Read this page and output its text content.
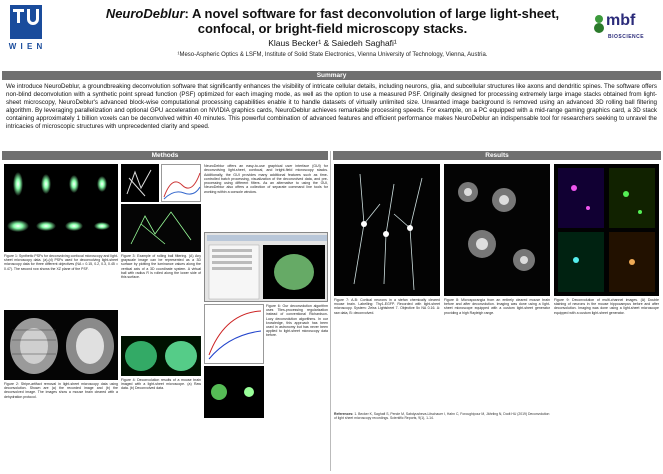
W I E N
NeuroDeblur: A novel software for fast deconvolution of large light-sheet,
confocal, or bright-field microscopy stacks.
Klaus Becker¹ & Saiedeh Saghafi¹
¹Meso-Aspheric Optics & LSFM, Institute of Solid State Electronics, Vienna University of Technology, Vienna, Austria.
mbf
BIOSCIENCE
Summary
We introduce NeuroDeblur, a groundbreaking deconvolution software that significantly enhances the visibility of intricate cellular details, including neurons, glia, and subcellular structures like axons and dendritic spines. The software offers non-blind deconvolution with a synthetic point spread function (PSF) optimized for each imaging mode, as well as the option to use a measured PSF. Originally designed for processing extremely large image stacks obtained from light-sheet microscopy, NeuroDeblur's advanced block-wise computational processing capabilities enable it to handle datasets of virtually unlimited size. Unwanted image background is removed using an advanced 3D rolling ball filtering algorithm. By leveraging parallelization and optional GPU acceleration on NVIDIA graphics cards, NeuroDeblur achieves remarkable processing speeds. For example, on a PC equipped with a mid-range gaming graphics card, a 3D stack containing approximately 1 billion voxels can be deconvolved within 40 minutes. This powerful combination of advanced features and efficient performance makes NeuroDeblur an indispensable tool for researchers seeking to unravel the intricacies of microscopic structures with unprecedented clarity and speed.
Methods	Results
Figure 1: Synthetic PSFs for deconvolving confocal microscopy and light-sheet microscopy data. (a)-(d) PSFs used for deconvolving light-sheet microscopy data for three different objectives (NA = 0.15, 0.2, 0.3, 0.45 = 0.47). The second row shows the XZ plane of the PSF.
Figure 2: Stripe-artifact removal in light-sheet microscopy data using deconvolution. Shown are (a) the recorded image and (b) the deconvolved image. The images show a mouse brain cleared with a dehydration protocol.
Figure 3: Example of rolling ball filtering. (A) Any grayscale image can be represented as a 3D surface by plotting the luminance values along the vertical axis of a 3D coordinate system. A virtual ball with radius R is rolled along the lower side of this surface.
Figure 4: Deconvolution results of a mouse brain imaged with a light-sheet microscope. (a) Raw data. (b) Deconvolved data.
NeuroDeblur offers an easy-to-use graphical user interface (GUI) for deconvolving light-sheet, confocal, and bright-field microscopy stacks. Additionally, the GUI provides many additional features such as time-controlled batch processing, visualization of the deconvolved data, and pre-processing using different filters. As an alternative to using the GUI, NeuroDeblur also offers a collection of separate command line tools for working within a console window.
Figure 6: Our deconvolution algorithm uses Tiles-processing regularization instead of conventional Richardson-Lucy deconvolution algorithms. In our knowledge, this approach has been used in astronomy but has never been applied to light-sheet microscopy data before.
Figure 7: A-B: Cortical neurons in a stefan chemically cleared mouse brain. Labelling: Thy1-EGFP. Recorded with light-sheet microscopy. System: Zeiss Lightsheet 7. Objective 5x NA 0.16. A: raw data, B: deconvolved.
References: 1. Becker K, Saghafi S, Pende M, Sabdyusheva-Litschauer I, Hahn C, Foroughipour M, Jährling N, Dodt HU (2019) Deconvolution of light sheet microscopy recordings. Scientific Reports, 9(1), 1-14.
Figure 8: Microsporangia from an entirely cleared mouse brain before and after deconvolution. Imaging was done using a light-sheet microscope equipped with a custom light-sheet generator providing a high Rayleigh range.
Figure 9: Deconvolution of multi-channel images. (A) Double staining of neurons in the mouse hippocampus before and after deconvolution. Imaging was done using a light-sheet microscope equipped with a custom light-sheet generator.
